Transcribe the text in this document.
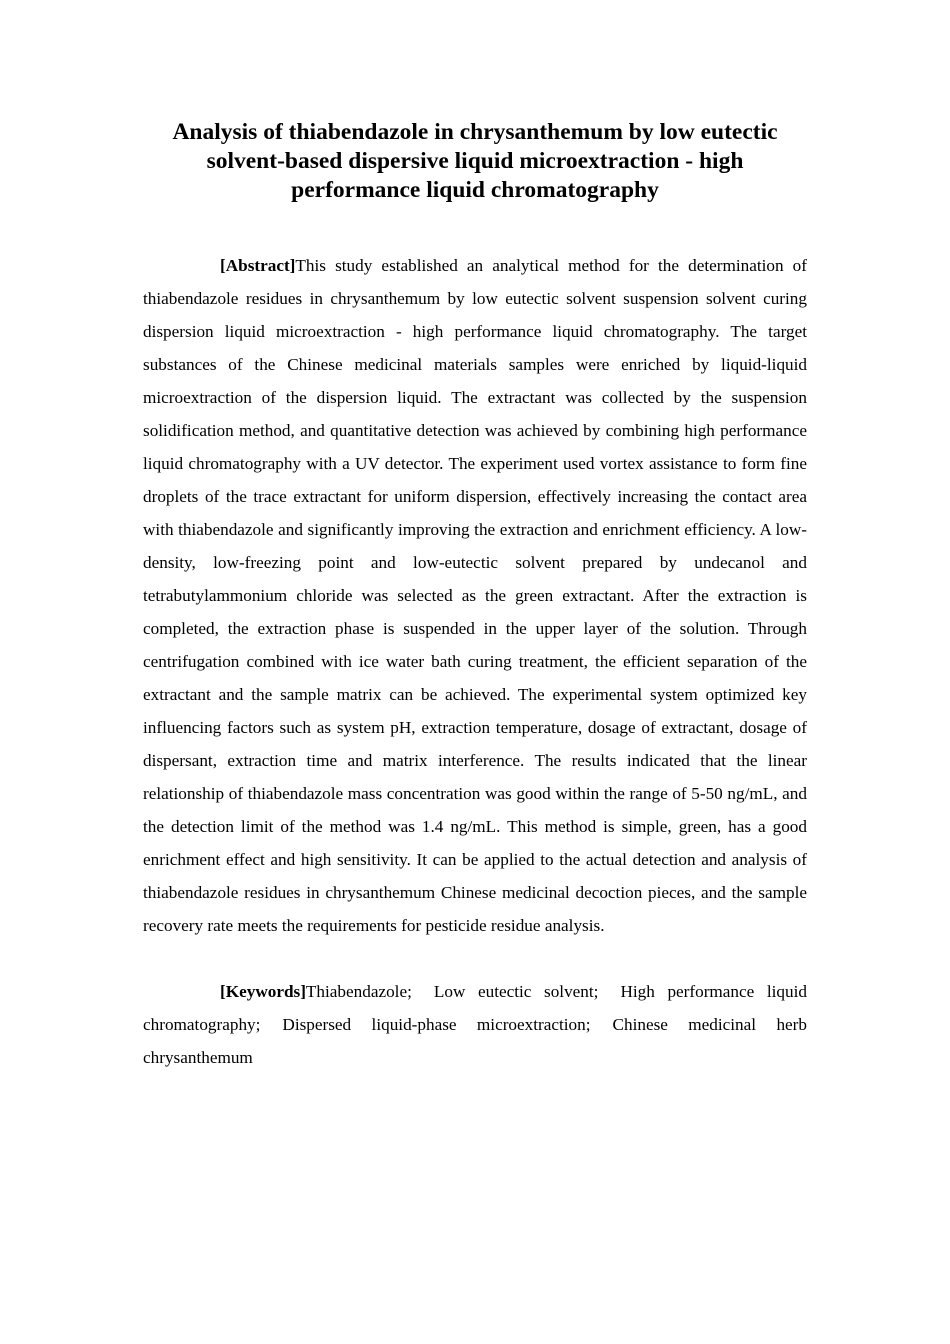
Analysis of thiabendazole in chrysanthemum by low eutectic solvent-based dispersive liquid microextraction - high performance liquid chromatography

[Abstract]This study established an analytical method for the determination of thiabendazole residues in chrysanthemum by low eutectic solvent suspension solvent curing dispersion liquid microextraction - high performance liquid chromatography. The target substances of the Chinese medicinal materials samples were enriched by liquid-liquid microextraction of the dispersion liquid. The extractant was collected by the suspension solidification method, and quantitative detection was achieved by combining high performance liquid chromatography with a UV detector. The experiment used vortex assistance to form fine droplets of the trace extractant for uniform dispersion, effectively increasing the contact area with thiabendazole and significantly improving the extraction and enrichment efficiency. A low-density, low-freezing point and low-eutectic solvent prepared by undecanol and tetrabutylammonium chloride was selected as the green extractant. After the extraction is completed, the extraction phase is suspended in the upper layer of the solution. Through centrifugation combined with ice water bath curing treatment, the efficient separation of the extractant and the sample matrix can be achieved. The experimental system optimized key influencing factors such as system pH, extraction temperature, dosage of extractant, dosage of dispersant, extraction time and matrix interference. The results indicated that the linear relationship of thiabendazole mass concentration was good within the range of 5-50 ng/mL, and the detection limit of the method was 1.4 ng/mL. This method is simple, green, has a good enrichment effect and high sensitivity. It can be applied to the actual detection and analysis of thiabendazole residues in chrysanthemum Chinese medicinal decoction pieces, and the sample recovery rate meets the requirements for pesticide residue analysis.

[Keywords]Thiabendazole; Low eutectic solvent; High performance liquid chromatography; Dispersed liquid-phase microextraction; Chinese medicinal herb chrysanthemum
